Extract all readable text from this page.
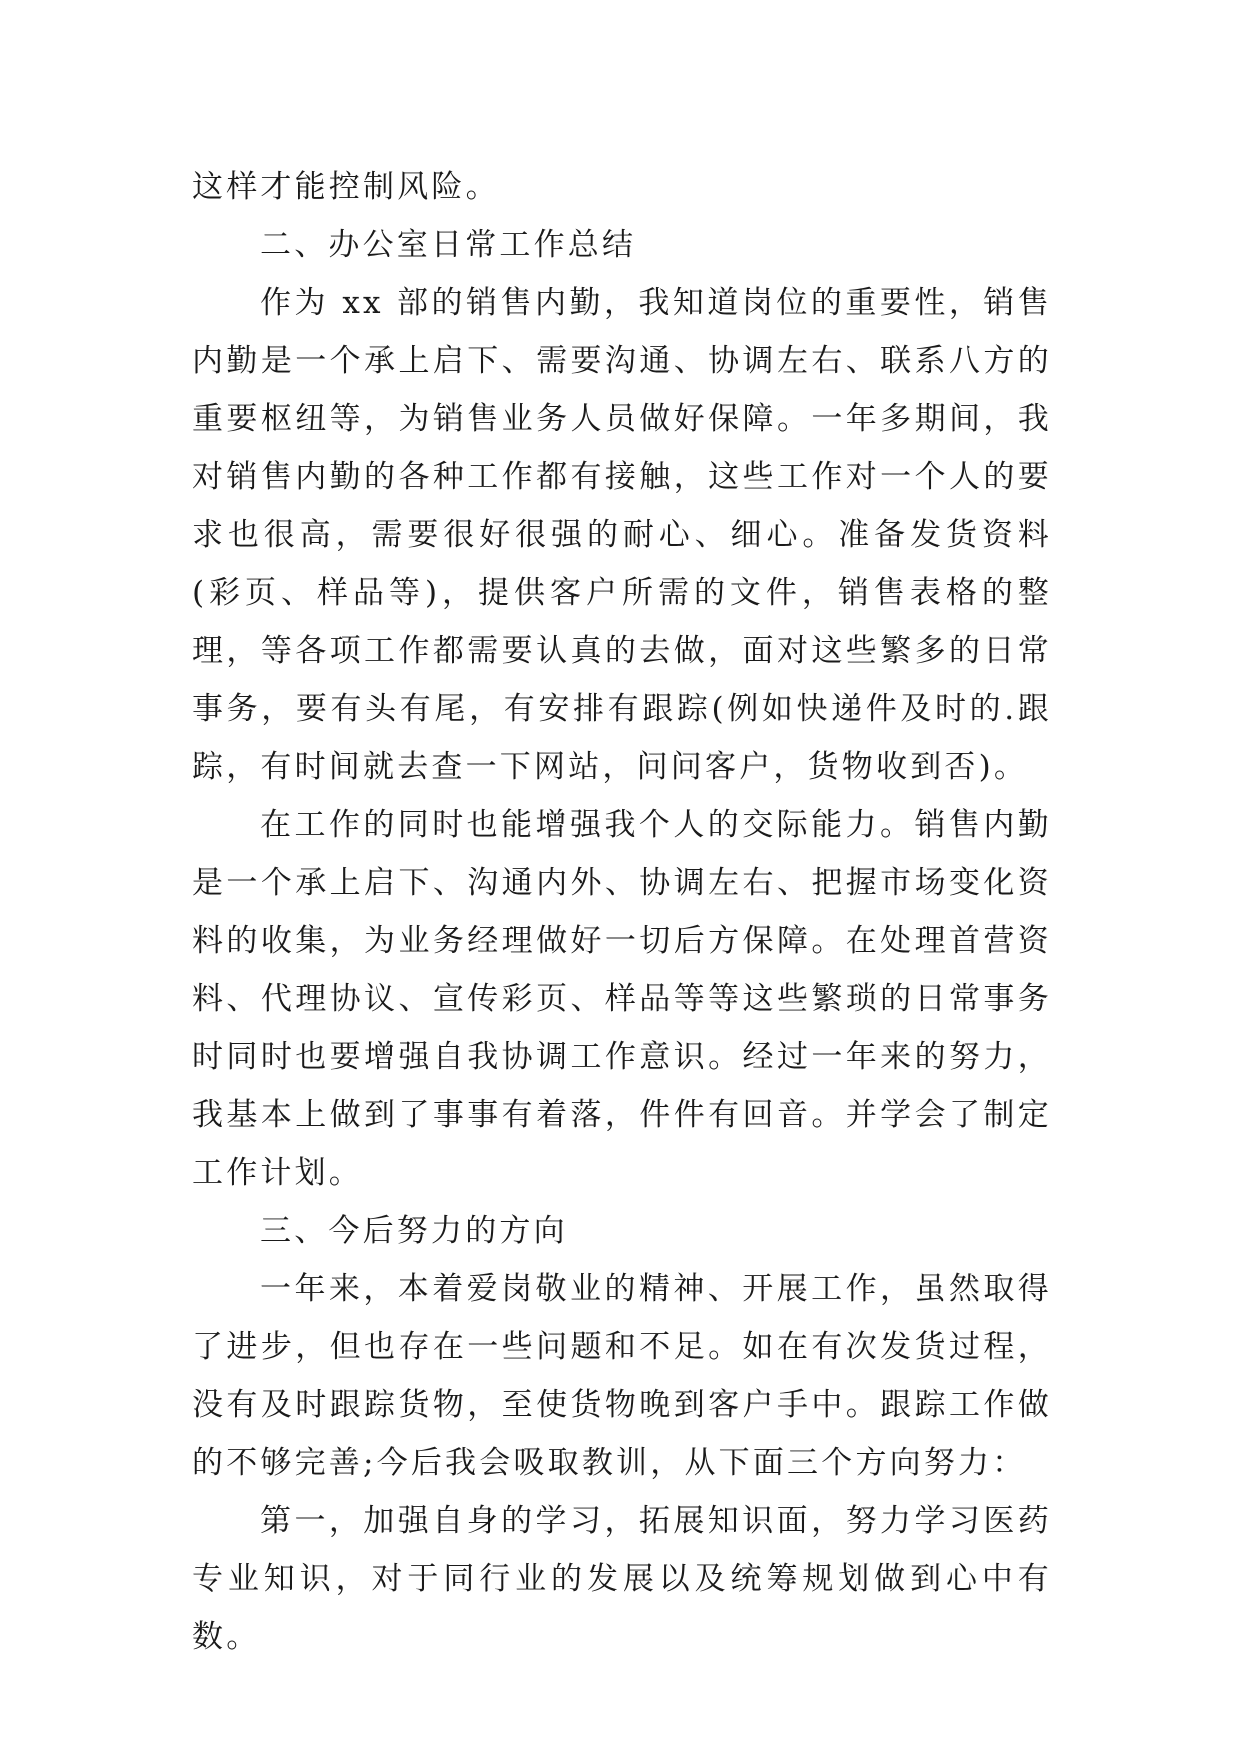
这样才能控制风险。

二、办公室日常工作总结

作为 xx 部的销售内勤，我知道岗位的重要性，销售内勤是一个承上启下、需要沟通、协调左右、联系八方的重要枢纽等，为销售业务人员做好保障。一年多期间，我对销售内勤的各种工作都有接触，这些工作对一个人的要求也很高，需要很好很强的耐心、细心。准备发货资料(彩页、样品等)，提供客户所需的文件，销售表格的整理，等各项工作都需要认真的去做，面对这些繁多的日常事务，要有头有尾，有安排有跟踪(例如快递件及时的.跟踪，有时间就去查一下网站，问问客户，货物收到否)。

在工作的同时也能增强我个人的交际能力。销售内勤是一个承上启下、沟通内外、协调左右、把握市场变化资料的收集，为业务经理做好一切后方保障。在处理首营资料、代理协议、宣传彩页、样品等等这些繁琐的日常事务时同时也要增强自我协调工作意识。经过一年来的努力，我基本上做到了事事有着落，件件有回音。并学会了制定工作计划。

三、今后努力的方向

一年来，本着爱岗敬业的精神、开展工作，虽然取得了进步，但也存在一些问题和不足。如在有次发货过程，没有及时跟踪货物，至使货物晚到客户手中。跟踪工作做的不够完善;今后我会吸取教训，从下面三个方向努力：

第一，加强自身的学习，拓展知识面，努力学习医药专业知识，对于同行业的发展以及统筹规划做到心中有数。
